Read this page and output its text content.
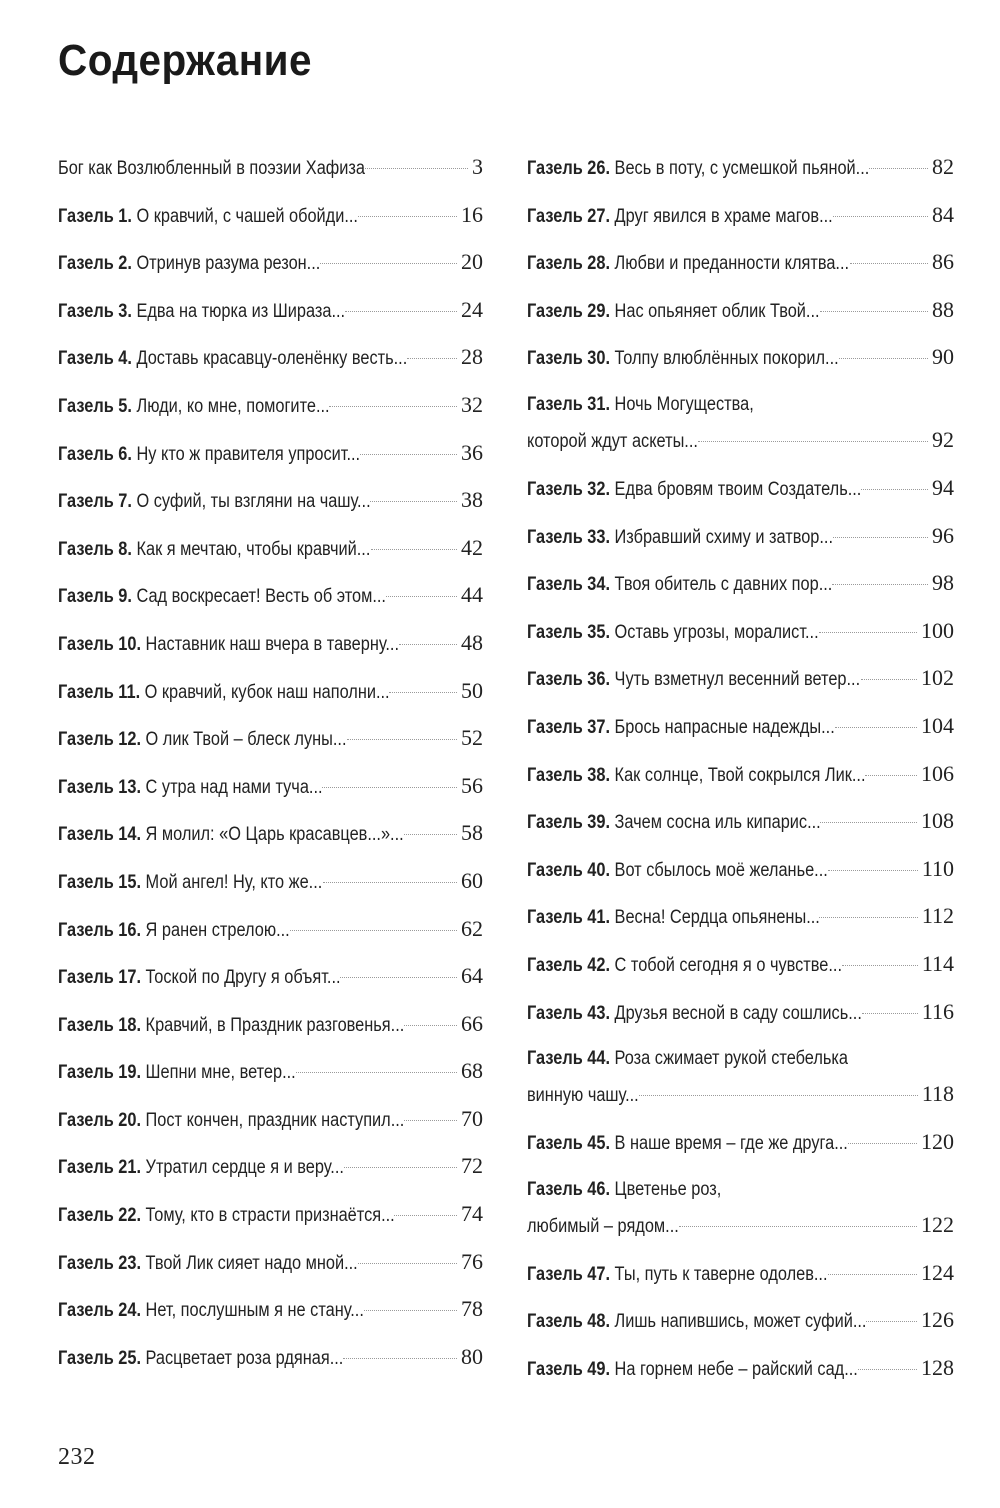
Содержание
Бог как Возлюбленный в поэзии Хафиза	3
Газель 1. О кравчий, с чашей обойди...	16
Газель 2. Отринув разума резон...	20
Газель 3. Едва на тюрка из Шираза...	24
Газель 4. Доставь красавцу-оленёнку весть... 28
Газель 5. Люди, ко мне, помогите...	32
Газель 6. Ну кто ж правителя упросит...	36
Газель 7. О суфий, ты взгляни на чашу...	38
Газель 8. Как я мечтаю, чтобы кравчий...	42
Газель 9. Сад воскресает! Весть об этом...	44
Газель 10. Наставник наш вчера в таверну...	48
Газель 11. О кравчий, кубок наш наполни...	50
Газель 12. О лик Твой – блеск луны...	52
Газель 13. С утра над нами туча...	56
Газель 14. Я молил: «О Царь красавцев...»...	58
Газель 15. Мой ангел! Ну, кто же...	60
Газель 16. Я ранен стрелою...	62
Газель 17. Тоской по Другу я объят...	64
Газель 18. Кравчий, в Праздник разговенья...	66
Газель 19. Шепни мне, ветер...	68
Газель 20. Пост кончен, праздник наступил...	70
Газель 21. Утратил сердце я и веру...	72
Газель 22. Тому, кто в страсти признаётся...	74
Газель 23. Твой Лик сияет надо мной...	76
Газель 24. Нет, послушным я не стану...	78
Газель 25. Расцветает роза рдяная...	80
Газель 26. Весь в поту, с усмешкой пьяной...	82
Газель 27. Друг явился в храме магов...	84
Газель 28. Любви и преданности клятва...	86
Газель 29. Нас опьяняет облик Твой...	88
Газель 30. Толпу влюблённых покорил...	90
Газель 31. Ночь Могущества,
которой ждут аскеты...	92
Газель 32. Едва бровям твоим Создатель...	94
Газель 33. Избравший схиму и затвор...	96
Газель 34. Твоя обитель с давних пор...	98
Газель 35. Оставь угрозы, моралист...	100
Газель 36. Чуть взметнул весенний ветер...	102
Газель 37. Брось напрасные надежды...	104
Газель 38. Как солнце, Твой сокрылся Лик...	106
Газель 39. Зачем сосна иль кипарис...	108
Газель 40. Вот сбылось моё желанье...	110
Газель 41. Весна! Сердца опьянены...	112
Газель 42. С тобой сегодня я о чувстве...	114
Газель 43. Друзья весной в саду сошлись...	116
Газель 44. Роза сжимает рукой стебелька
винную чашу...	118
Газель 45. В наше время – где же друга...	120
Газель 46. Цветенье роз,
любимый – рядом...	122
Газель 47. Ты, путь к таверне одолев...	124
Газель 48. Лишь напившись, может суфий... 126
Газель 49. На горнем небе – райский сад...	128
232
